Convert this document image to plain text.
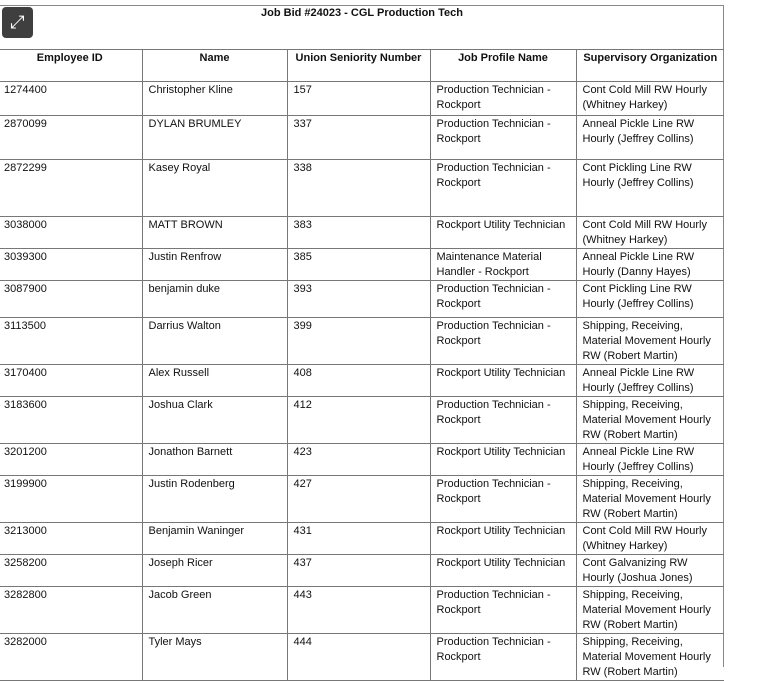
Job Bid #24023 - CGL Production Tech
Employee ID	Name	Union Seniority Number	Job Profile Name	Supervisory Organization
1274400	Christopher Kline	157	Production Technician - Rockport	Cont Cold Mill RW Hourly (Whitney Harkey)
2870099	DYLAN BRUMLEY	337	Production Technician - Rockport	Anneal Pickle Line RW Hourly (Jeffrey Collins)
2872299	Kasey Royal	338	Production Technician - Rockport	Cont Pickling Line RW Hourly (Jeffrey Collins)
3038000	MATT BROWN	383	Rockport Utility Technician	Cont Cold Mill RW Hourly (Whitney Harkey)
3039300	Justin Renfrow	385	Maintenance Material Handler - Rockport	Anneal Pickle Line RW Hourly (Danny Hayes)
3087900	benjamin duke	393	Production Technician - Rockport	Cont Pickling Line RW Hourly (Jeffrey Collins)
3113500	Darrius Walton	399	Production Technician - Rockport	Shipping, Receiving, Material Movement Hourly RW (Robert Martin)
3170400	Alex Russell	408	Rockport Utility Technician	Anneal Pickle Line RW Hourly (Jeffrey Collins)
3183600	Joshua Clark	412	Production Technician - Rockport	Shipping, Receiving, Material Movement Hourly RW (Robert Martin)
3201200	Jonathon Barnett	423	Rockport Utility Technician	Anneal Pickle Line RW Hourly (Jeffrey Collins)
3199900	Justin Rodenberg	427	Production Technician - Rockport	Shipping, Receiving, Material Movement Hourly RW (Robert Martin)
3213000	Benjamin Waninger	431	Rockport Utility Technician	Cont Cold Mill RW Hourly (Whitney Harkey)
3258200	Joseph Ricer	437	Rockport Utility Technician	Cont Galvanizing RW Hourly (Joshua Jones)
3282800	Jacob Green	443	Production Technician - Rockport	Shipping, Receiving, Material Movement Hourly RW (Robert Martin)
3282000	Tyler Mays	444	Production Technician - Rockport	Shipping, Receiving, Material Movement Hourly RW (Robert Martin)
⤢
